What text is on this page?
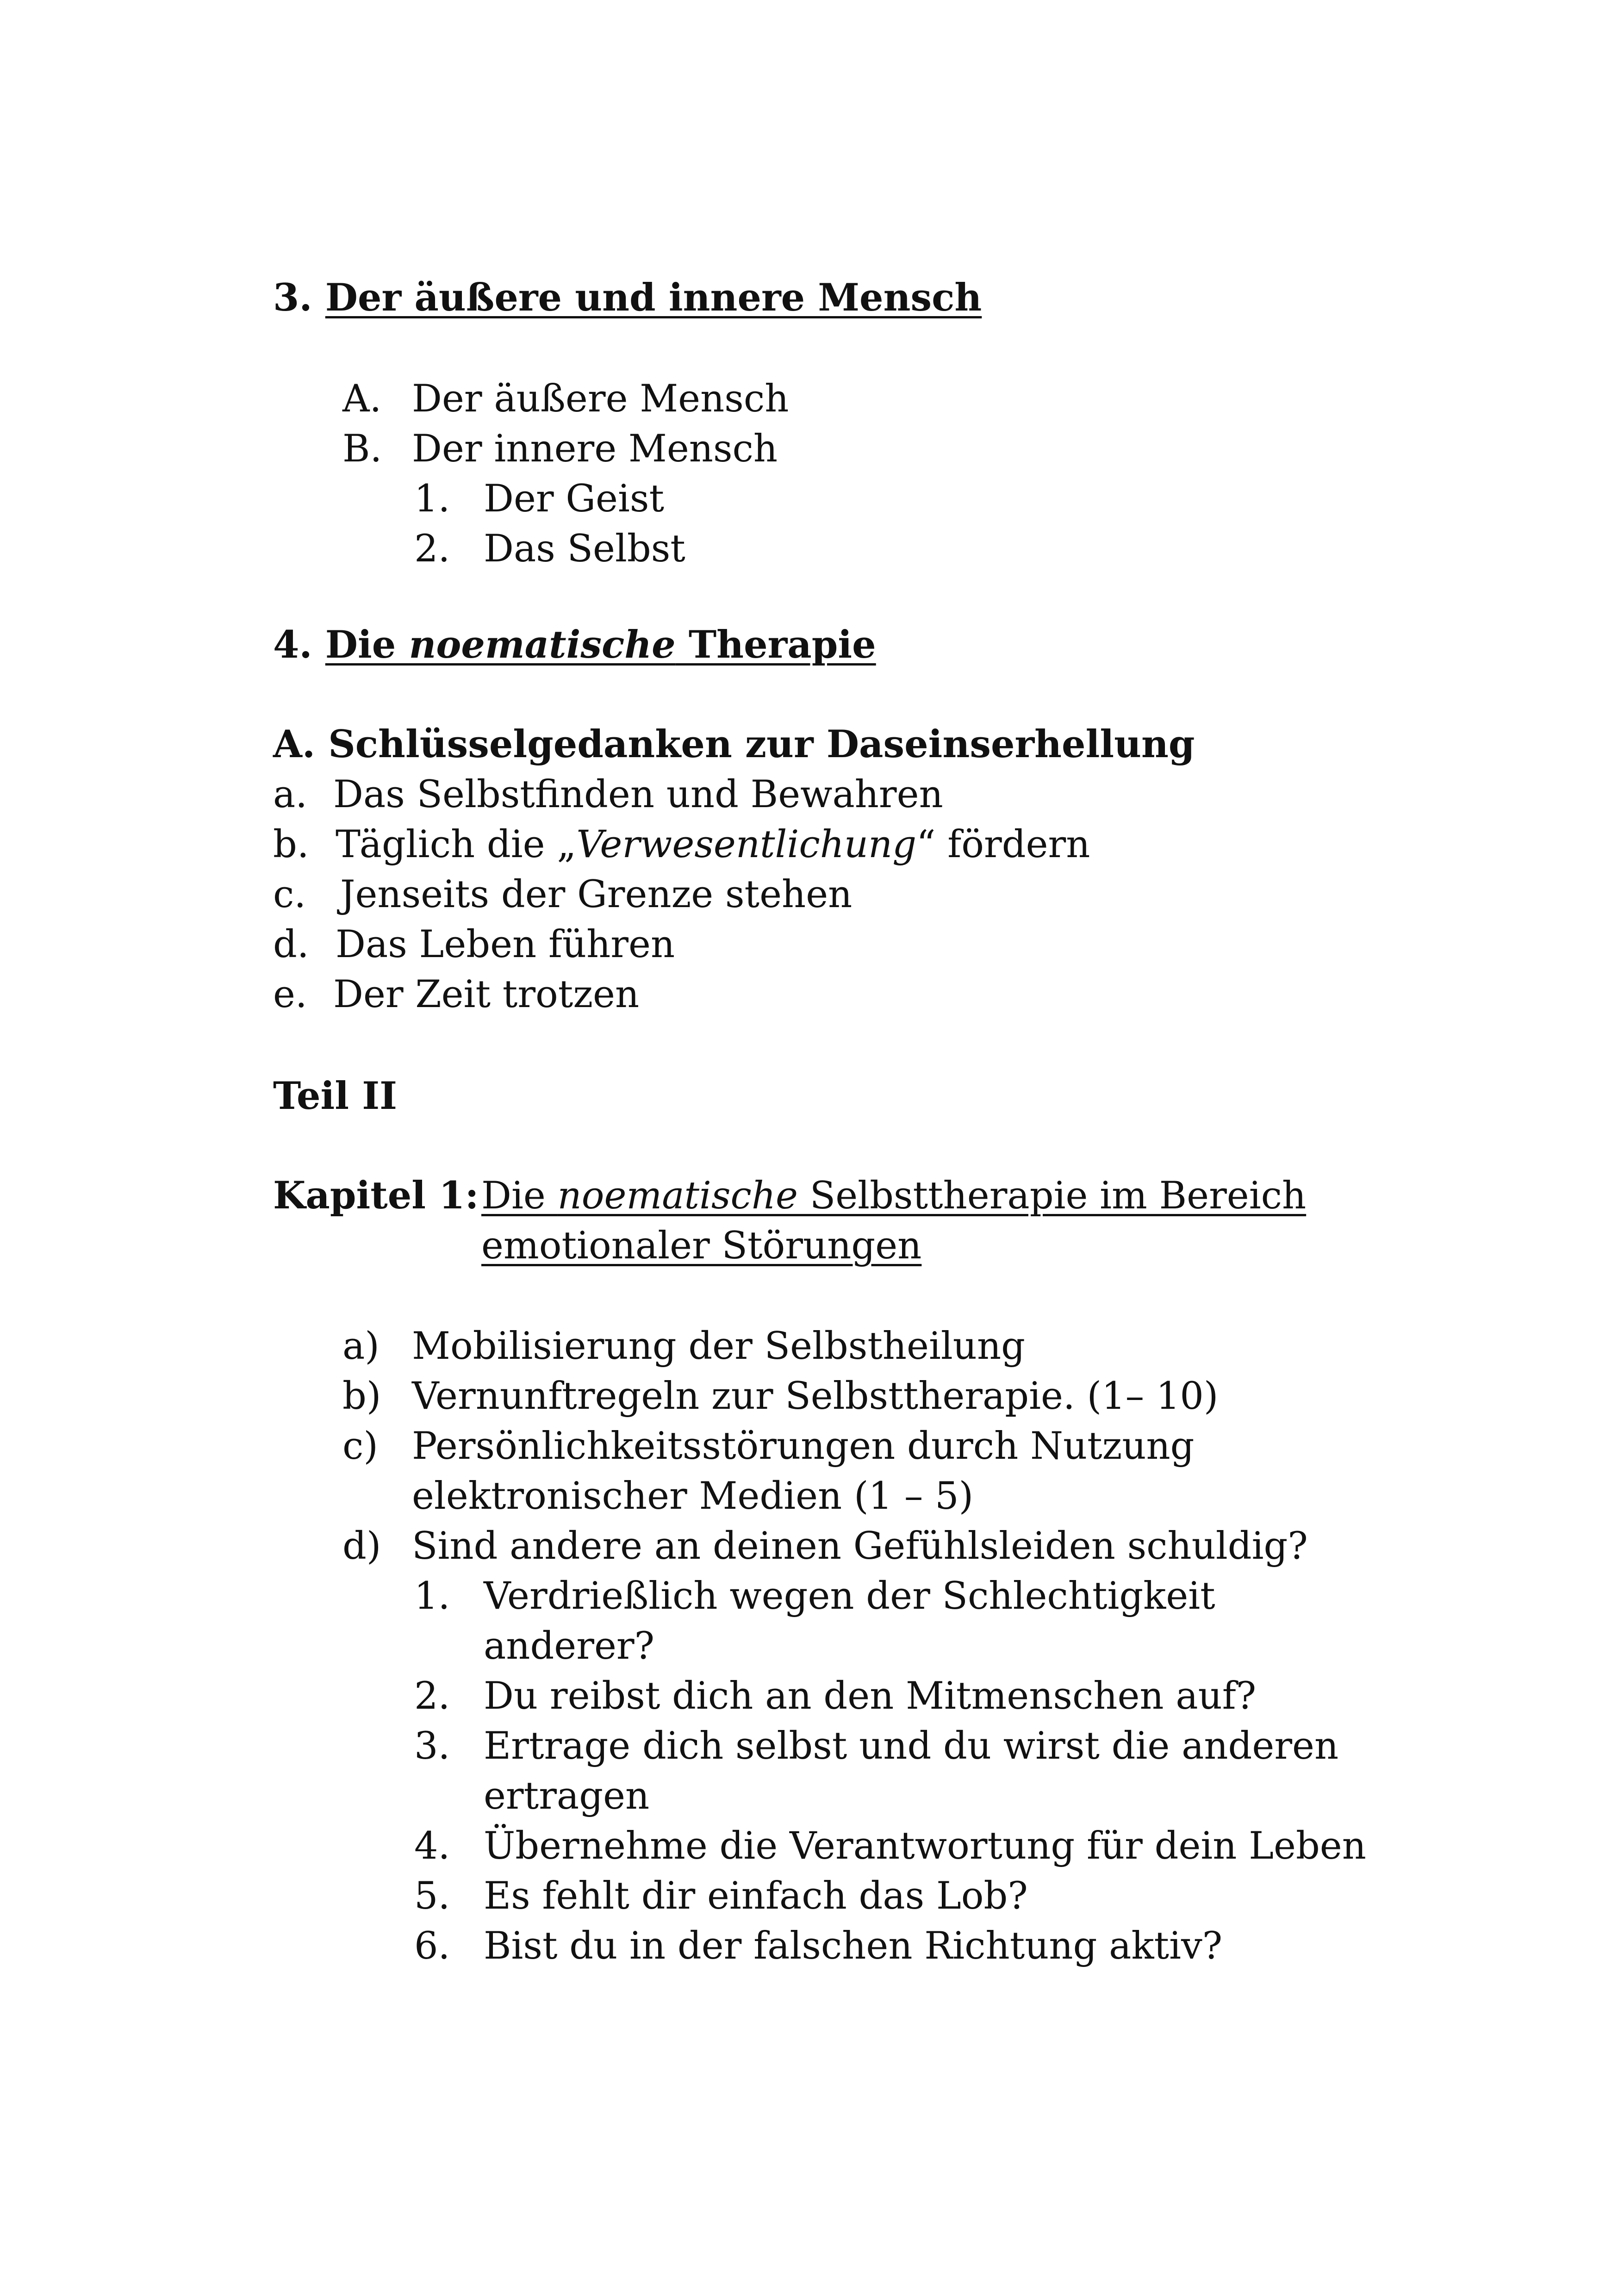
3. Der äußere und innere Mensch
A. Der äußere Mensch
B. Der innere Mensch
1. Der Geist
2. Das Selbst
4. Die noematische Therapie
A. Schlüsselgedanken zur Daseinserhellung
a. Das Selbstfinden und Bewahren
b. Täglich die „Verwesentlichung“ fördern
c. Jenseits der Grenze stehen
d. Das Leben führen
e. Der Zeit trotzen
Teil II
Kapitel 1: Die noematische Selbsttherapie im Bereich
emotionaler Störungen
a) Mobilisierung der Selbstheilung
b) Vernunftregeln zur Selbsttherapie. (1– 10)
c) Persönlichkeitsstörungen durch Nutzung
elektronischer Medien (1 – 5)
d) Sind andere an deinen Gefühlsleiden schuldig?
1. Verdrießlich wegen der Schlechtigkeit
anderer?
2. Du reibst dich an den Mitmenschen auf?
3. Ertrage dich selbst und du wirst die anderen
ertragen
4. Übernehme die Verantwortung für dein Leben
5. Es fehlt dir einfach das Lob?
6. Bist du in der falschen Richtung aktiv?
